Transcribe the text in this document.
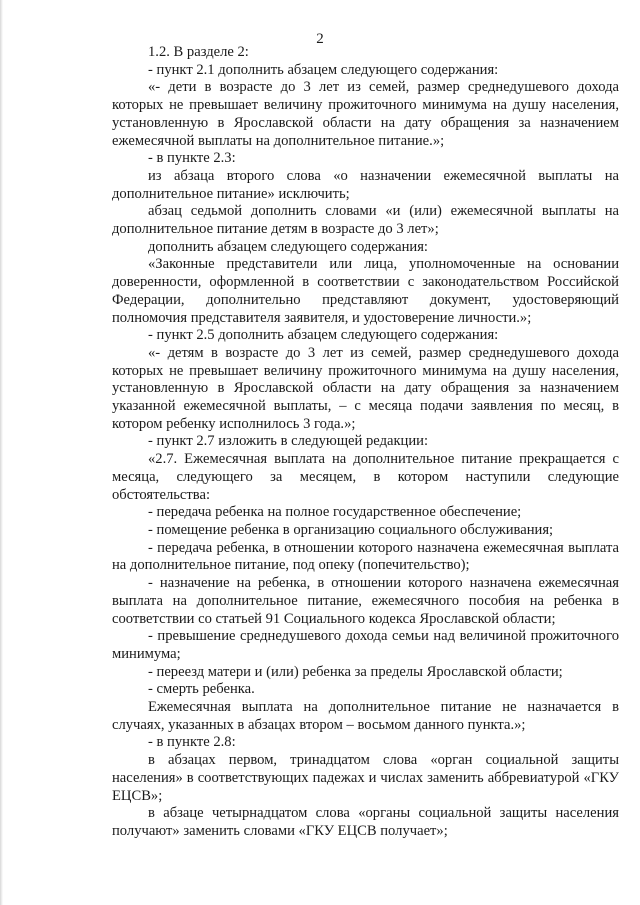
2

1.2. В разделе 2:

- пункт 2.1 дополнить абзацем следующего содержания:

«- дети в возрасте до 3 лет из семей, размер среднедушевого дохода которых не превышает величину прожиточного минимума на душу населения, установленную в Ярославской области на дату обращения за назначением ежемесячной выплаты на дополнительное питание.»;

- в пункте 2.3:

из абзаца второго слова «о назначении ежемесячной выплаты на дополнительное питание» исключить;

абзац седьмой дополнить словами «и (или) ежемесячной выплаты на дополнительное питание детям в возрасте до 3 лет»;

дополнить абзацем следующего содержания:

«Законные представители или лица, уполномоченные на основании доверенности, оформленной в соответствии с законодательством Российской Федерации, дополнительно представляют документ, удостоверяющий полномочия представителя заявителя, и удостоверение личности.»;

- пункт 2.5 дополнить абзацем следующего содержания:

«- детям в возрасте до 3 лет из семей, размер среднедушевого дохода которых не превышает величину прожиточного минимума на душу населения, установленную в Ярославской области на дату обращения за назначением указанной ежемесячной выплаты, – с месяца подачи заявления по месяц, в котором ребенку исполнилось 3 года.»;

- пункт 2.7 изложить в следующей редакции:

«2.7. Ежемесячная выплата на дополнительное питание прекращается с месяца, следующего за месяцем, в котором наступили следующие обстоятельства:

- передача ребенка на полное государственное обеспечение;

- помещение ребенка в организацию социального обслуживания;

- передача ребенка, в отношении которого назначена ежемесячная выплата на дополнительное питание, под опеку (попечительство);

- назначение на ребенка, в отношении которого назначена ежемесячная выплата на дополнительное питание, ежемесячного пособия на ребенка в соответствии со статьей 91 Социального кодекса Ярославской области;

- превышение среднедушевого дохода семьи над величиной прожиточного минимума;

- переезд матери и (или) ребенка за пределы Ярославской области;

- смерть ребенка.

Ежемесячная выплата на дополнительное питание не назначается в случаях, указанных в абзацах втором – восьмом данного пункта.»;

- в пункте 2.8:

в абзацах первом, тринадцатом слова «орган социальной защиты населения» в соответствующих падежах и числах заменить аббревиатурой «ГКУ ЕЦСВ»;

в абзаце четырнадцатом слова «органы социальной защиты населения получают» заменить словами «ГКУ ЕЦСВ получает»;
